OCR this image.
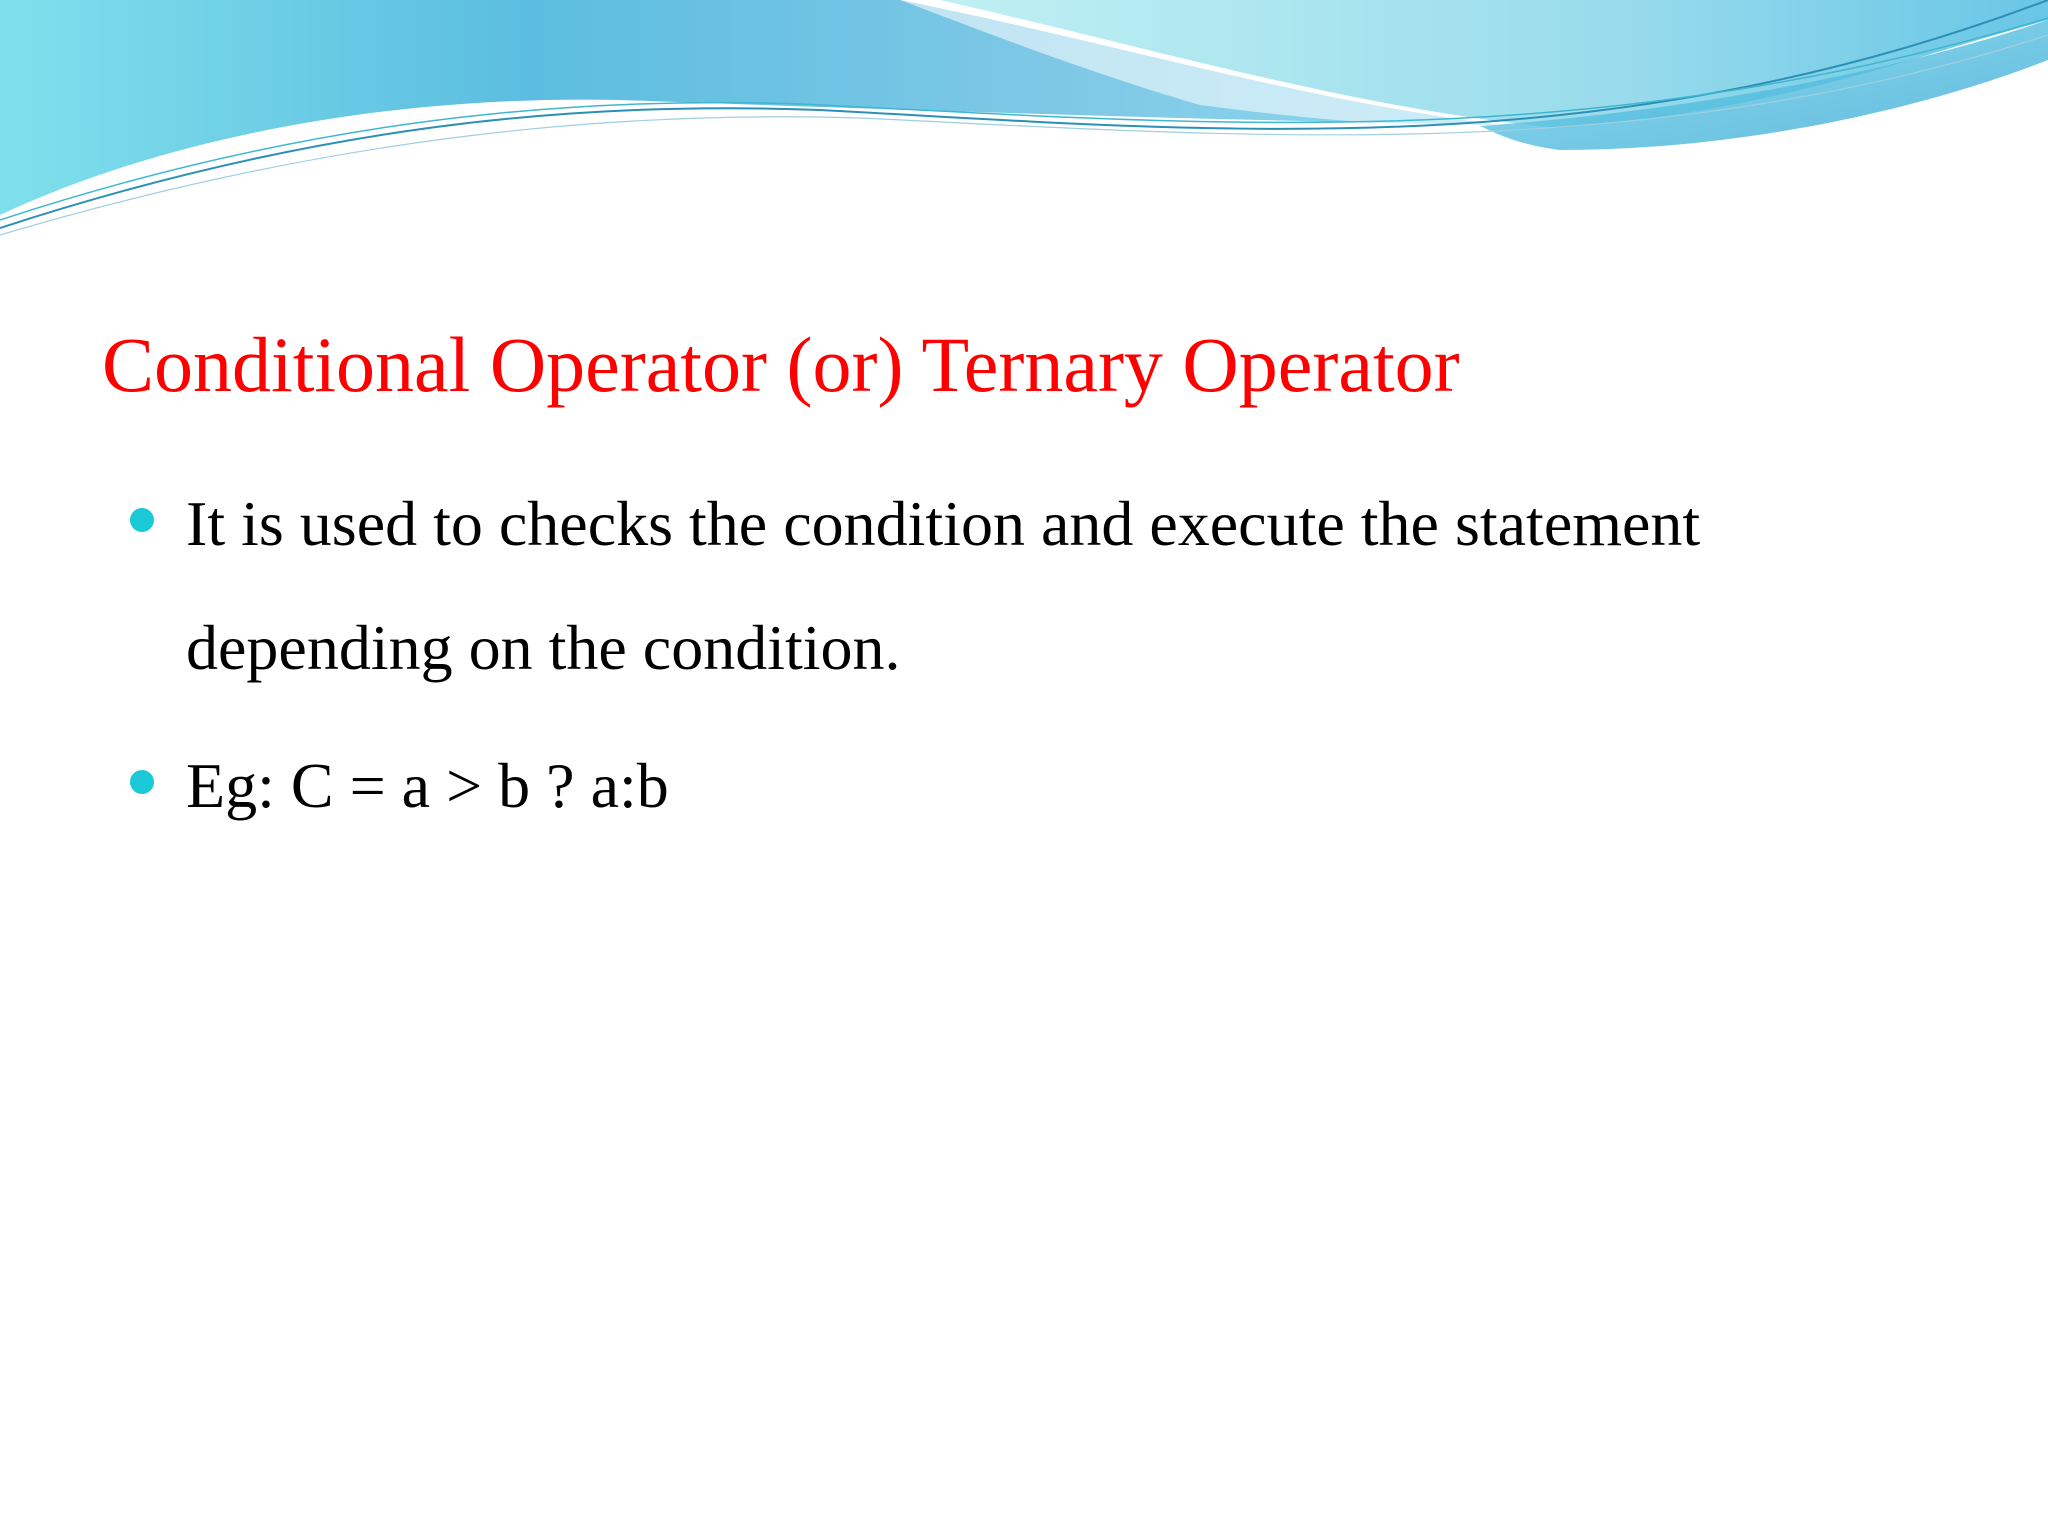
Conditional Operator (or) Ternary Operator
It is used to checks the condition and execute the statement depending on the condition.
Eg: C = a > b ? a:b
